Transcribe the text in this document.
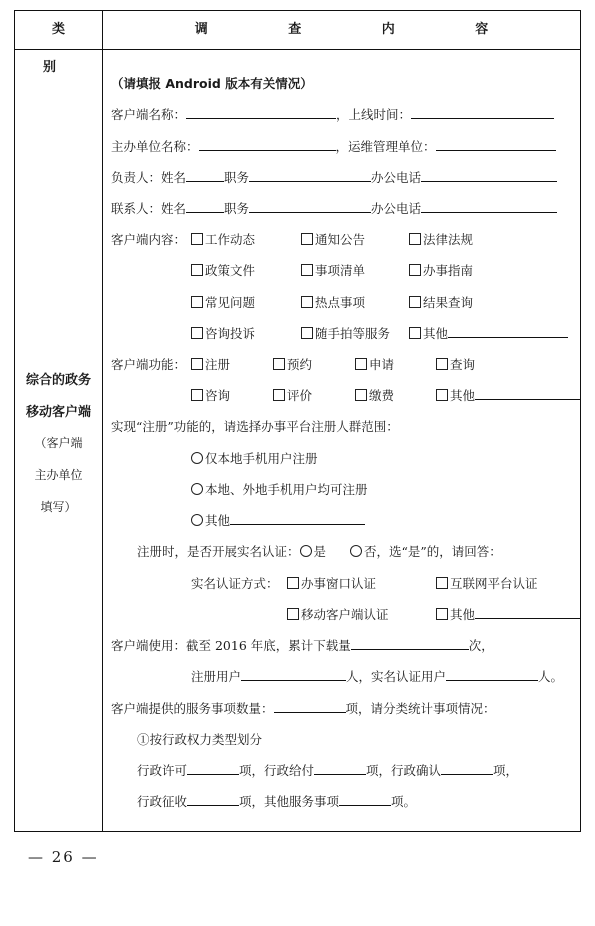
类 别
调 查 内 容
综合的政务
移动客户端
（客户端
主办单位
填写）
（请填报 Android 版本有关情况）
客户端名称：	，上线时间：
主办单位名称：	，运维管理单位：
负责人：姓名	职务	办公电话
联系人：姓名	职务	办公电话
客户端内容：	工作动态	通知公告	法律法规
政策文件	事项清单	办事指南
常见问题	热点事项	结果查询
咨询投诉	随手拍等服务	其他
客户端功能：	注册	预约	申请	查询
咨询	评价	缴费	其他
实现“注册”功能的，请选择办事平台注册人群范围：
仅本地手机用户注册
本地、外地手机用户均可注册
其他
注册时，是否开展实名认证： 是	否，选“是”的，请回答：
实名认证方式：	办事窗口认证	互联网平台认证
移动客户端认证	其他
客户端使用：截至 2016 年底，累计下载量	次，
注册用户	人，实名认证用户	人。
客户端提供的服务事项数量：	项，请分类统计事项情况：
①按行政权力类型划分
行政许可	项，行政给付	项，行政确认	项，
行政征收	项，其他服务事项	项。
— 26 —
